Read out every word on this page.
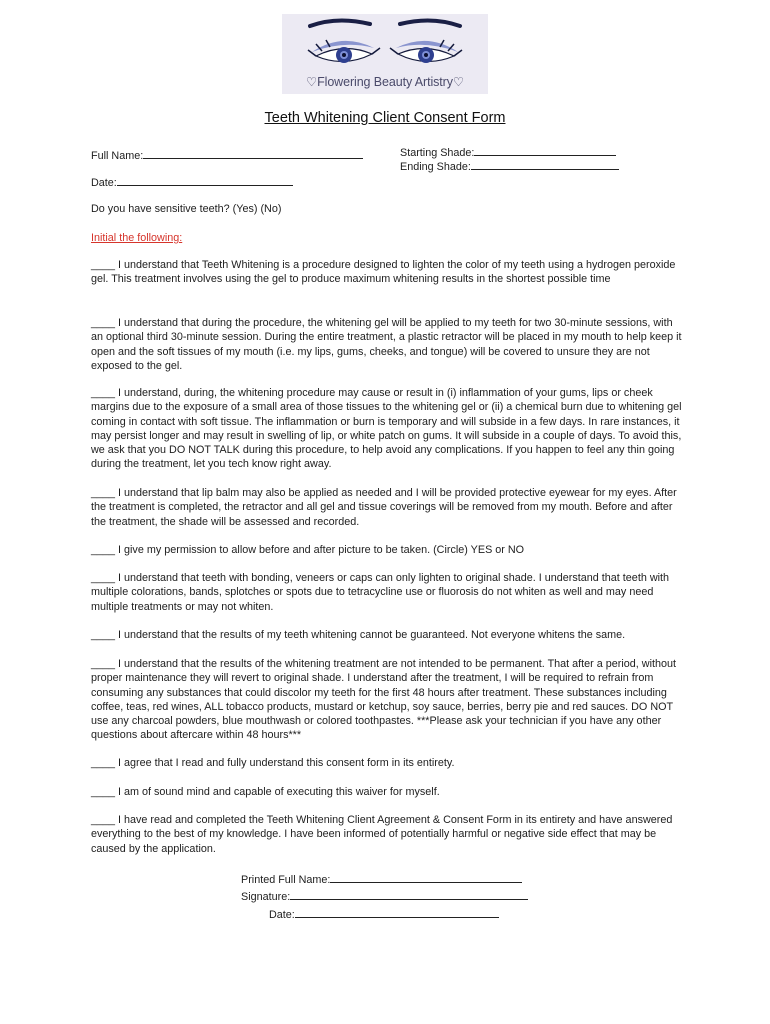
♡Flowering Beauty Artistry♡
Teeth Whitening Client Consent Form
Full Name:	Starting Shade:
Ending Shade:
Date:
Do you have sensitive teeth? (Yes) (No)
Initial the following:
____ I understand that Teeth Whitening is a procedure designed to lighten the color of my teeth using a hydrogen peroxide gel. This treatment involves using the gel to produce maximum whitening results in the shortest possible time
____ I understand that during the procedure, the whitening gel will be applied to my teeth for two 30-minute sessions, with an optional third 30-minute session. During the entire treatment, a plastic retractor will be placed in my mouth to help keep it open and the soft tissues of my mouth (i.e. my lips, gums, cheeks, and tongue) will be covered to unsure they are not exposed to the gel.
____ I understand, during, the whitening procedure may cause or result in (i) inflammation of your gums, lips or cheek margins due to the exposure of a small area of those tissues to the whitening gel or (ii) a chemical burn due to whitening gel coming in contact with soft tissue. The inflammation or burn is temporary and will subside in a few days. In rare instances, it may persist longer and may result in swelling of lip, or white patch on gums. It will subside in a couple of days. To avoid this, we ask that you DO NOT TALK during this procedure, to help avoid any complications. If you happen to feel any thin going during the treatment, let you tech know right away.
____ I understand that lip balm may also be applied as needed and I will be provided protective eyewear for my eyes. After the treatment is completed, the retractor and all gel and tissue coverings will be removed from my mouth. Before and after the treatment, the shade will be assessed and recorded.
____ I give my permission to allow before and after picture to be taken. (Circle) YES or NO
____ I understand that teeth with bonding, veneers or caps can only lighten to original shade. I understand that teeth with multiple colorations, bands, splotches or spots due to tetracycline use or fluorosis do not whiten as well and may need multiple treatments or may not whiten.
____ I understand that the results of my teeth whitening cannot be guaranteed. Not everyone whitens the same.
____ I understand that the results of the whitening treatment are not intended to be permanent. That after a period, without proper maintenance they will revert to original shade. I understand after the treatment, I will be required to refrain from consuming any substances that could discolor my teeth for the first 48 hours after treatment. These substances including coffee, teas, red wines, ALL tobacco products, mustard or ketchup, soy sauce, berries, berry pie and red sauces. DO NOT use any charcoal powders, blue mouthwash or colored toothpastes. ***Please ask your technician if you have any other questions about aftercare within 48 hours***
____ I agree that I read and fully understand this consent form in its entirety.
____ I am of sound mind and capable of executing this waiver for myself.
____ I have read and completed the Teeth Whitening Client Agreement & Consent Form in its entirety and have answered everything to the best of my knowledge. I have been informed of potentially harmful or negative side effect that may be caused by the application.
Printed Full Name:
Signature:
Date:
